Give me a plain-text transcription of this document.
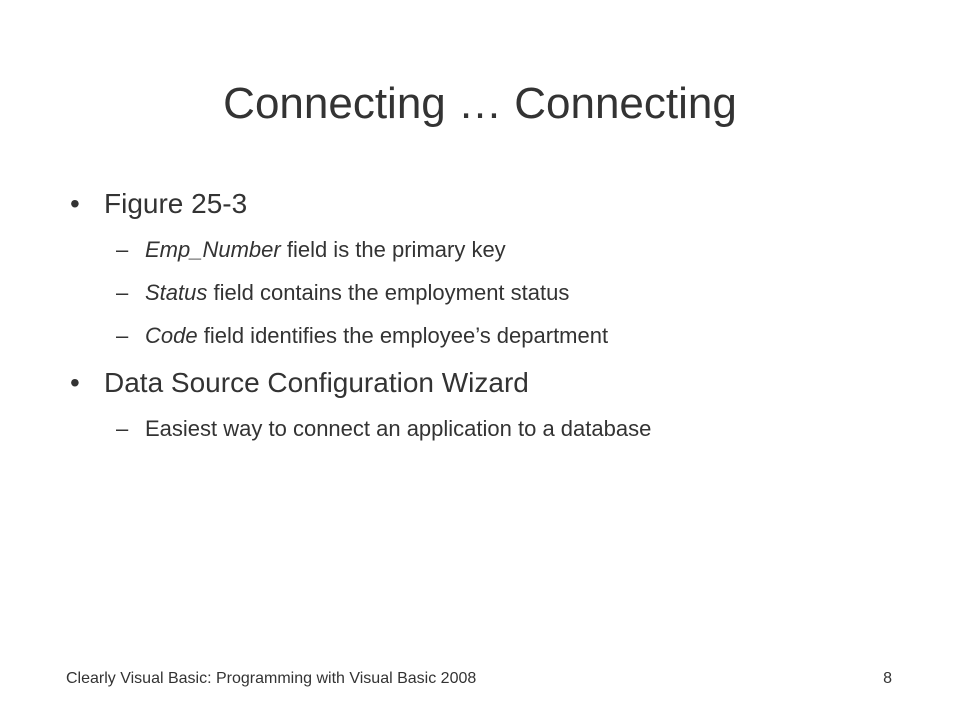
Connecting … Connecting
• Figure 25-3
– Emp_Number field is the primary key
– Status field contains the employment status
– Code field identifies the employee’s department
• Data Source Configuration Wizard
– Easiest way to connect an application to a database
Clearly Visual Basic: Programming with Visual Basic 2008	8
